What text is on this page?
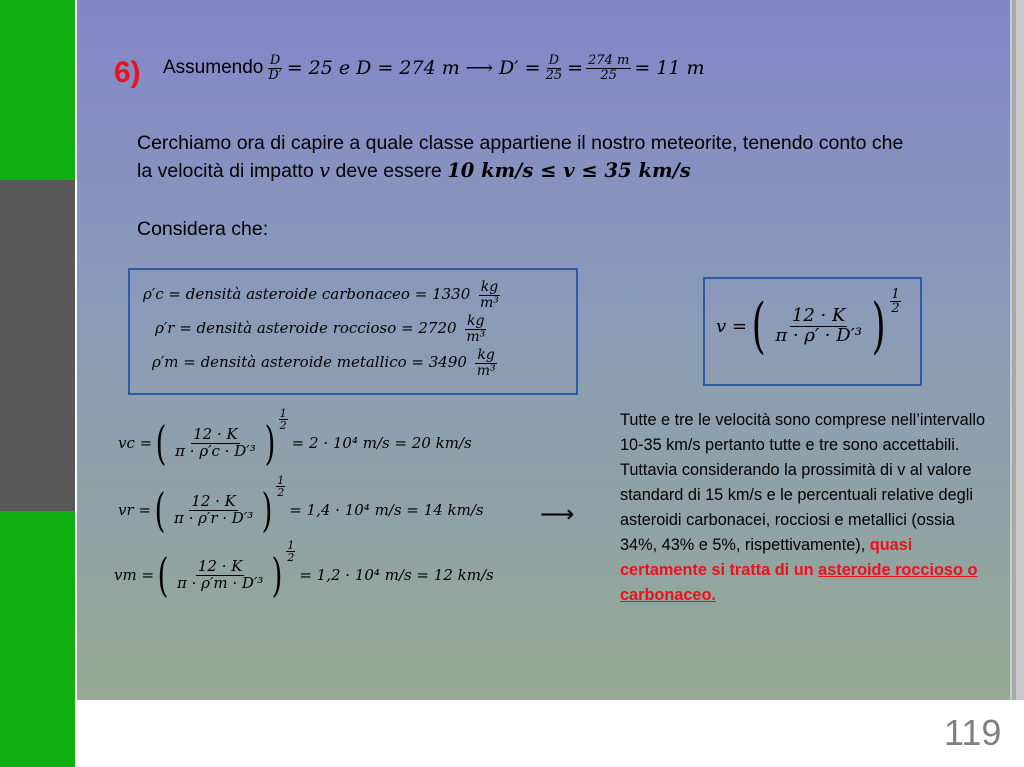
6) Assumendo $\frac{D}{D'} = 25$ e D = 274 m ⟶ $D' = \frac{D}{25} = \frac{274 m}{25} = 11$ m
Cerchiamo ora di capire a quale classe appartiene il nostro meteorite, tenendo conto che la velocità di impatto v deve essere 10 km/s ≤ v ≤ 35 km/s
Considera che:
ρ′c = densità asteroide carbonaceo = $1330 \frac{kg}{\text{m³}}$
ρ′r = densità asteroide roccioso = $2720 \frac{kg}{\text{m³}}$
ρ′m = densità asteroide metallico = $3490 \frac{kg}{\text{m³}}$
v = ( $\frac{12 \cdot K}{\text{π · ρ′ · D′³}}$ ) 1
2
vc = ( $\frac{12 \cdot K}{\text{π · ρ′c · D′³}}$ ) $\frac{1}{2}$
= 2 · 10⁴ m/s = 20 km/s
vr = ( $\frac{12 \cdot K}{\text{π · ρ′r · D′³}}$ ) $\frac{1}{2}$
= 1,4 · 10⁴ m/s = 14 km/s
vm = ( $\frac{12 \cdot K}{\text{π · ρ′m · D′³}}$ ) $\frac{1}{2}$
= 1,2 · 10⁴ m/s = 12 km/s
⟶
Tutte e tre le velocità sono comprese nell’intervallo 10-35 km/s pertanto tutte e tre sono accettabili.
Tuttavia considerando la prossimità di v al valore standard di 15 km/s e le percentuali relative degli
asteroidi carbonacei, rocciosi e metallici (ossia 34%, 43% e 5%, rispettivamente), quasi certamente si tratta di un asteroide roccioso o carbonaceo.
119
